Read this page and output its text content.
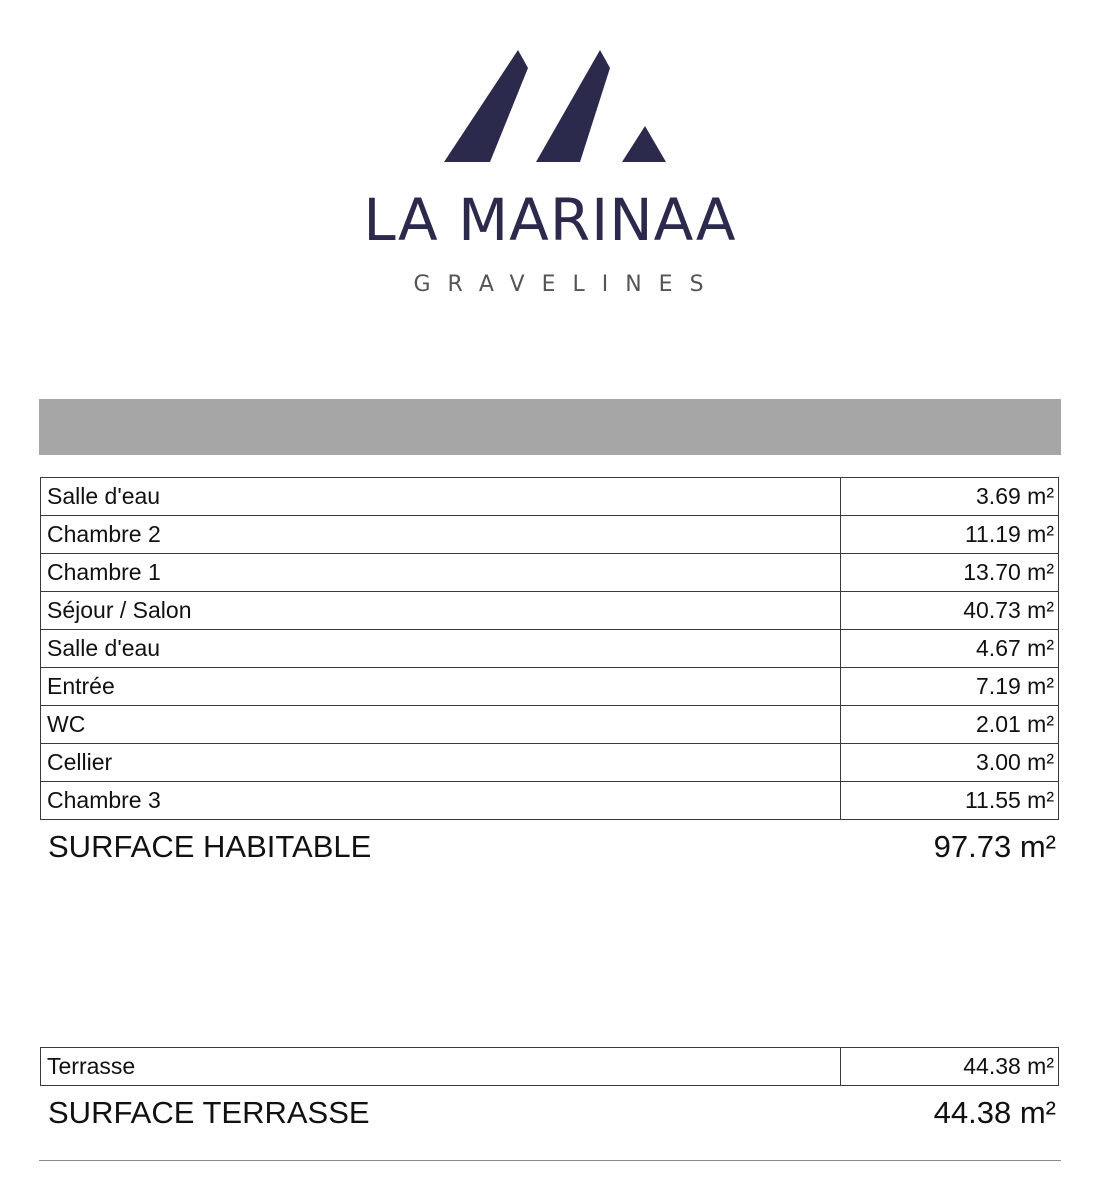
LA MARINAA
GRAVELINES
Salle d'eau	3.69 m²
Chambre 2	11.19 m²
Chambre 1	13.70 m²
Séjour / Salon	40.73 m²
Salle d'eau	4.67 m²
Entrée	7.19 m²
WC	2.01 m²
Cellier	3.00 m²
Chambre 3	11.55 m²
SURFACE HABITABLE	97.73 m²
Terrasse	44.38 m²
SURFACE TERRASSE	44.38 m²
